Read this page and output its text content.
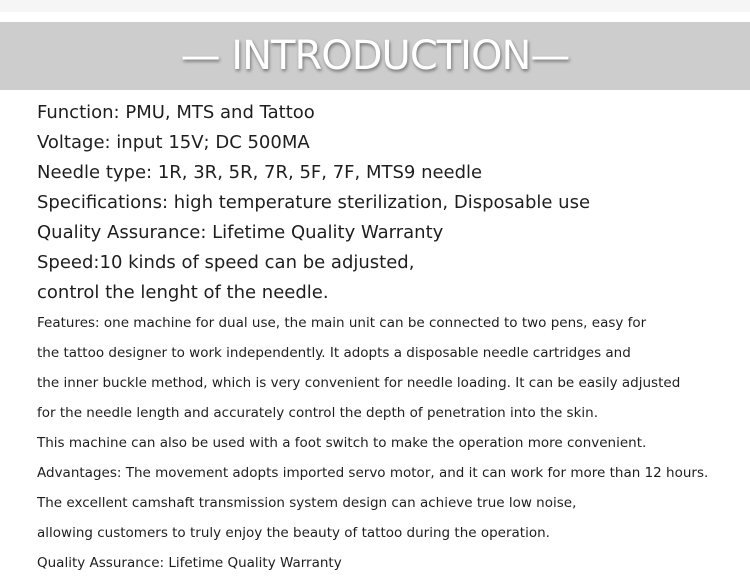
— INTRODUCTION—
Function: PMU, MTS and Tattoo
Voltage: input 15V; DC 500MA
Needle type: 1R, 3R, 5R, 7R, 5F, 7F, MTS9 needle
Specifications: high temperature sterilization, Disposable use
Quality Assurance: Lifetime Quality Warranty
Speed:10 kinds of speed can be adjusted,
control the lenght of the needle.
Features: one machine for dual use, the main unit can be connected to two pens, easy for
the tattoo designer to work independently. It adopts a disposable needle cartridges and
the inner buckle method, which is very convenient for needle loading. It can be easily adjusted
for the needle length and accurately control the depth of penetration into the skin.
This machine can also be used with a foot switch to make the operation more convenient.
Advantages: The movement adopts imported servo motor, and it can work for more than 12 hours.
The excellent camshaft transmission system design can achieve true low noise,
allowing customers to truly enjoy the beauty of tattoo during the operation.
Quality Assurance: Lifetime Quality Warranty
